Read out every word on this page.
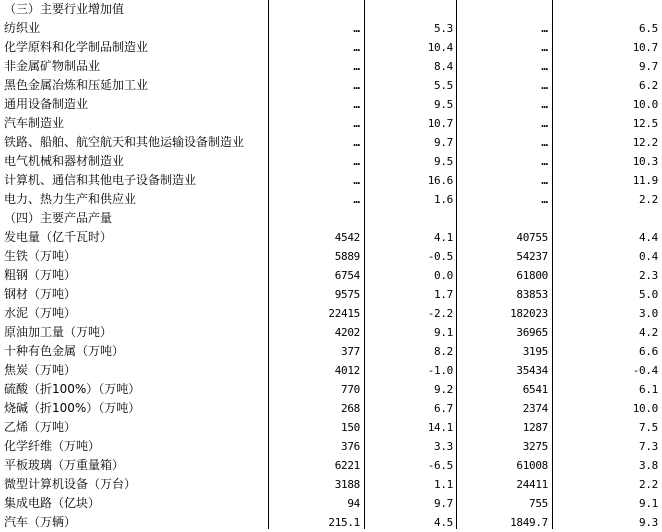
（三）主要行业增加值
纺织业	…	5.3	…	6.5
化学原料和化学制品制造业	…	10.4	…	10.7
非金属矿物制品业	…	8.4	…	9.7
黑色金属冶炼和压延加工业	…	5.5	…	6.2
通用设备制造业	…	9.5	…	10.0
汽车制造业	…	10.7	…	12.5
铁路、船舶、航空航天和其他运输设备制造业	…	9.7	…	12.2
电气机械和器材制造业	…	9.5	…	10.3
计算机、通信和其他电子设备制造业	…	16.6	…	11.9
电力、热力生产和供应业	…	1.6	…	2.2
（四）主要产品产量
发电量（亿千瓦时）	4542	4.1	40755	4.4
生铁（万吨）	5889	-0.5	54237	0.4
粗钢（万吨）	6754	0.0	61800	2.3
钢材（万吨）	9575	1.7	83853	5.0
水泥（万吨）	22415	-2.2	182023	3.0
原油加工量（万吨）	4202	9.1	36965	4.2
十种有色金属（万吨）	377	8.2	3195	6.6
焦炭（万吨）	4012	-1.0	35434	-0.4
硫酸（折100%）（万吨）	770	9.2	6541	6.1
烧碱（折100%）（万吨）	268	6.7	2374	10.0
乙烯（万吨）	150	14.1	1287	7.5
化学纤维（万吨）	376	3.3	3275	7.3
平板玻璃（万重量箱）	6221	-6.5	61008	3.8
微型计算机设备（万台）	3188	1.1	24411	2.2
集成电路（亿块）	94	9.7	755	9.1
汽车（万辆）	215.1	4.5	1849.7	9.3
